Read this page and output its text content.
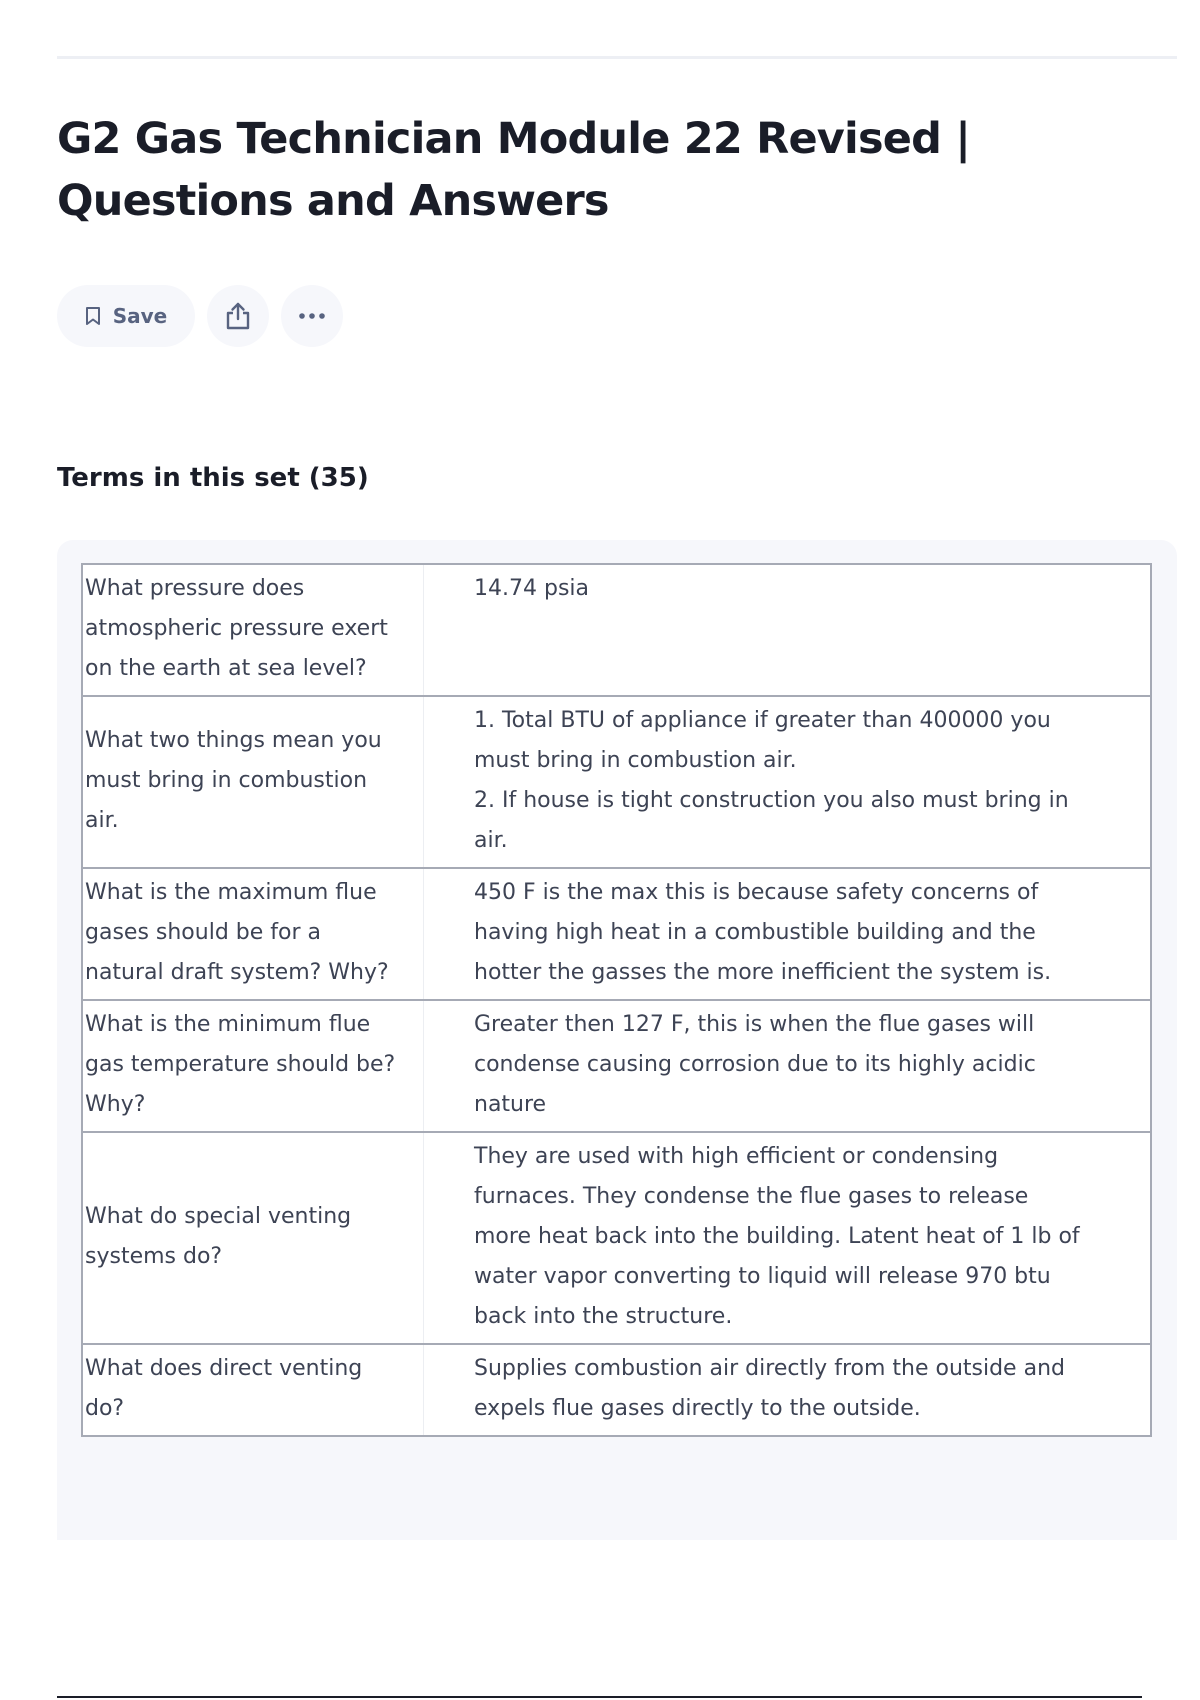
G2 Gas Technician Module 22 Revised | Questions and Answers
Save
Terms in this set (35)
What pressure does atmospheric pressure exert on the earth at sea level?	14.74 psia
What two things mean you must bring in combustion air.	1. Total BTU of appliance if greater than 400000 you must bring in combustion air.
2. If house is tight construction you also must bring in air.

What is the maximum flue gases should be for a natural draft system? Why?	450 F is the max this is because safety concerns of having high heat in a combustible building and the hotter the gasses the more inefficient the system is.
What is the minimum flue gas temperature should be? Why?	Greater then 127 F, this is when the flue gases will condense causing corrosion due to its highly acidic nature
What do special venting systems do?	They are used with high efficient or condensing furnaces. They condense the flue gases to release more heat back into the building. Latent heat of 1 lb of water vapor converting to liquid will release 970 btu back into the structure.
What does direct venting do?	Supplies combustion air directly from the outside and expels flue gases directly to the outside.
